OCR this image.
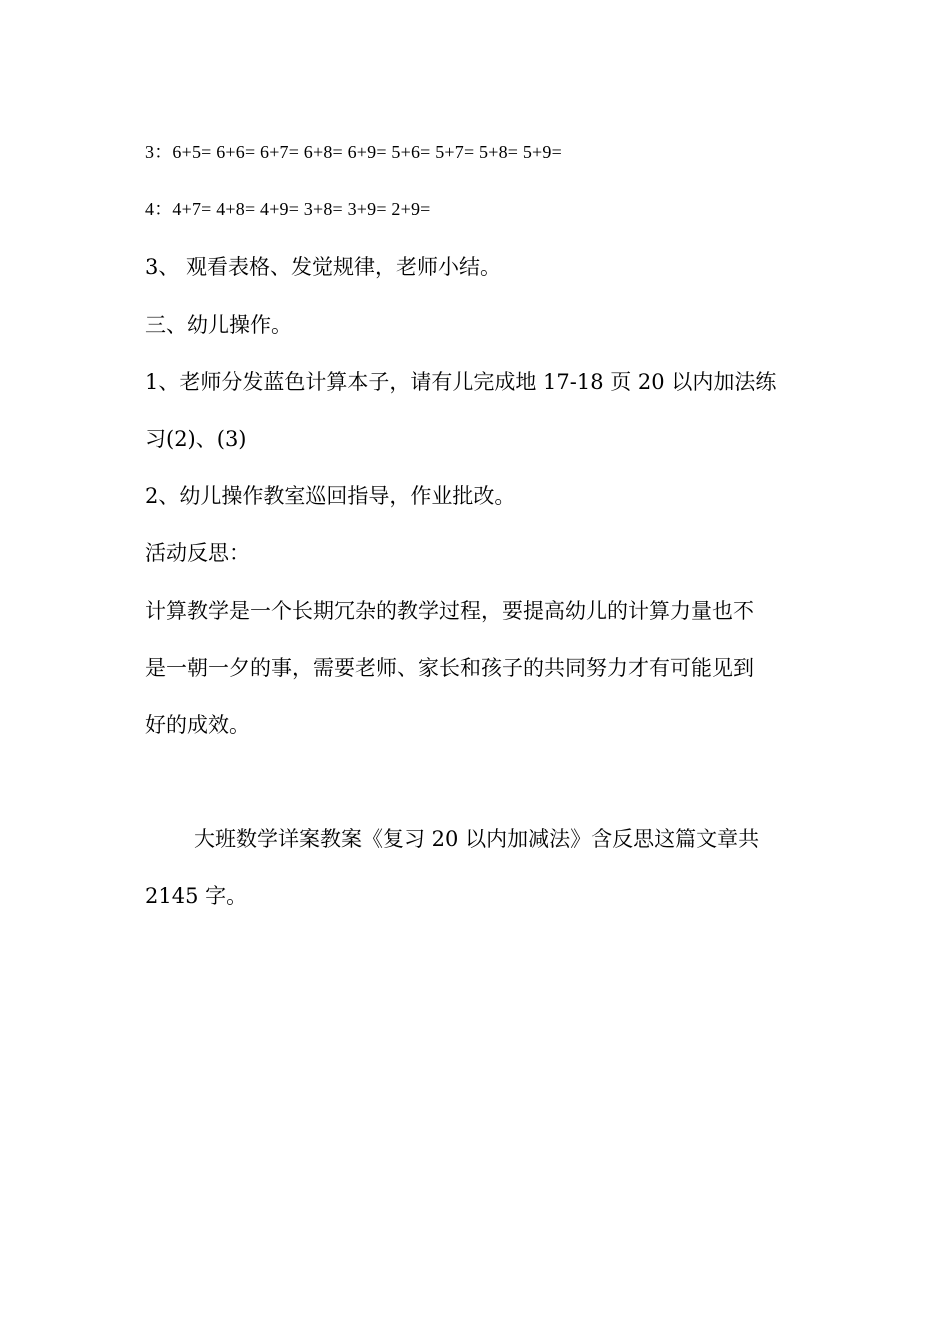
3：6+5= 6+6= 6+7= 6+8= 6+9= 5+6= 5+7= 5+8= 5+9=
4：4+7= 4+8= 4+9= 3+8= 3+9= 2+9=
3、 观看表格、发觉规律，老师小结。
三、幼儿操作。
1、老师分发蓝色计算本子，请有儿完成地 17-18 页 20 以内加法练
习(2)、(3)
2、幼儿操作教室巡回指导，作业批改。
活动反思：
计算教学是一个长期冗杂的教学过程，要提高幼儿的计算力量也不
是一朝一夕的事，需要老师、家长和孩子的共同努力才有可能见到
好的成效。
大班数学详案教案《复习 20 以内加减法》含反思这篇文章共
2145 字。
